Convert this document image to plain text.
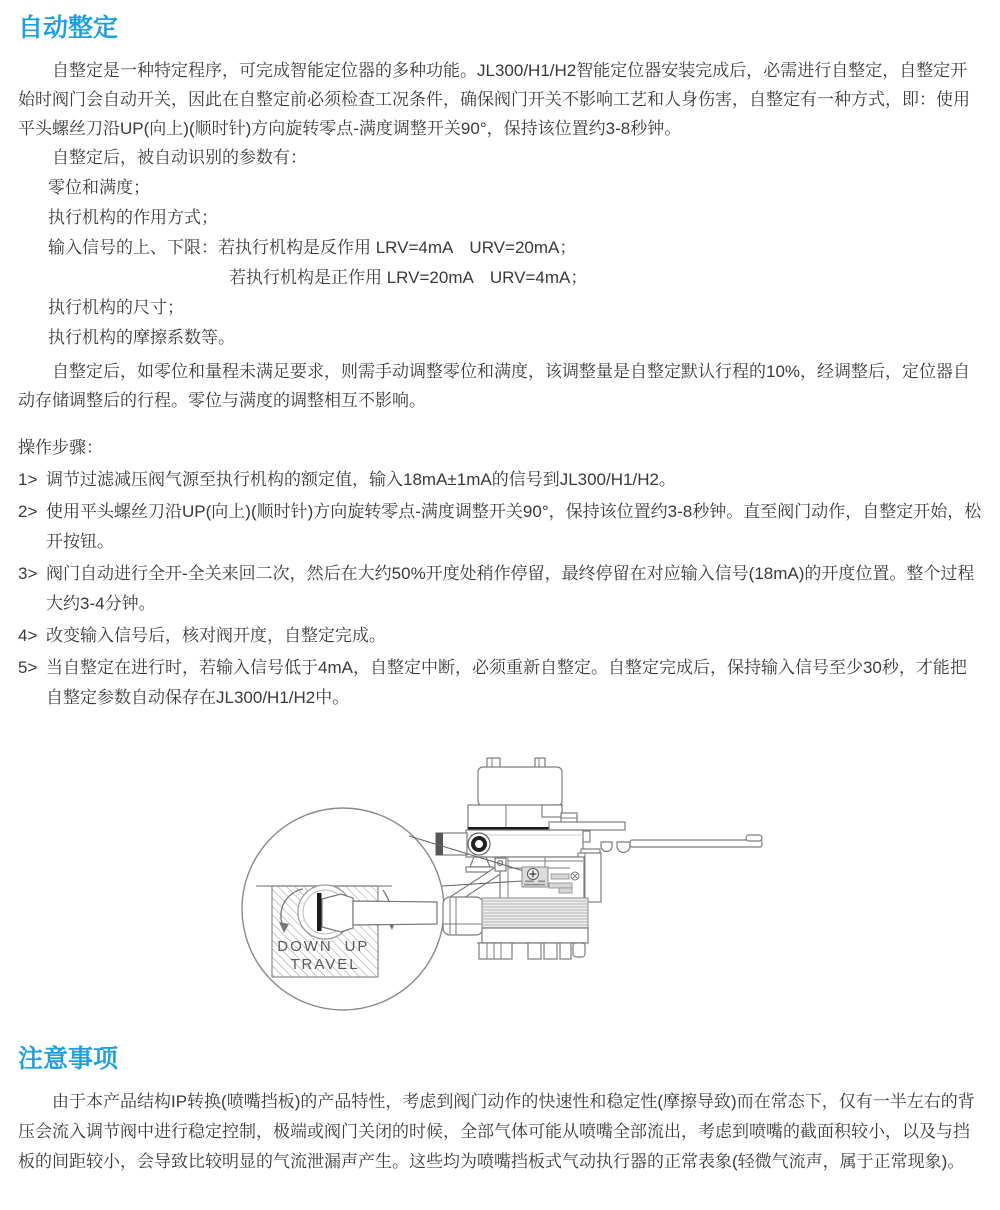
自动整定

自整定是一种特定程序，可完成智能定位器的多种功能。JL300/H1/H2智能定位器安装完成后，必需进行自整定，自整定开始时阀门会自动开关，因此在自整定前必须检查工况条件，确保阀门开关不影响工艺和人身伤害，自整定有一种方式，即：使用平头螺丝刀沿UP(向上)(顺时针)方向旋转零点-满度调整开关90°，保持该位置约3-8秒钟。

自整定后，被自动识别的参数有：
零位和满度；
执行机构的作用方式；
输入信号的上、下限：若执行机构是反作用 LRV=4mA　URV=20mA；
若执行机构是正作用 LRV=20mA　URV=4mA；
执行机构的尺寸；
执行机构的摩擦系数等。

自整定后，如零位和量程未满足要求，则需手动调整零位和满度，该调整量是自整定默认行程的10%，经调整后，定位器自动存储调整后的行程。零位与满度的调整相互不影响。

操作步骤：
1> 调节过滤减压阀气源至执行机构的额定值，输入18mA±1mA的信号到JL300/H1/H2。
2> 使用平头螺丝刀沿UP(向上)(顺时针)方向旋转零点-满度调整开关90°，保持该位置约3-8秒钟。直至阀门动作，自整定开始，松开按钮。
3> 阀门自动进行全开-全关来回二次，然后在大约50%开度处稍作停留，最终停留在对应输入信号(18mA)的开度位置。整个过程大约3-4分钟。
4> 改变输入信号后，核对阀开度，自整定完成。
5> 当自整定在进行时，若输入信号低于4mA，自整定中断，必须重新自整定。自整定完成后，保持输入信号至少30秒，才能把自整定参数自动保存在JL300/H1/H2中。
DOWN UP
TRAVEL
注意事项

由于本产品结构IP转换(喷嘴挡板)的产品特性，考虑到阀门动作的快速性和稳定性(摩擦导致)而在常态下，仅有一半左右的背压会流入调节阀中进行稳定控制，极端或阀门关闭的时候，全部气体可能从喷嘴全部流出，考虑到喷嘴的截面积较小，以及与挡板的间距较小，会导致比较明显的气流泄漏声产生。这些均为喷嘴挡板式气动执行器的正常表象(轻微气流声，属于正常现象)。
